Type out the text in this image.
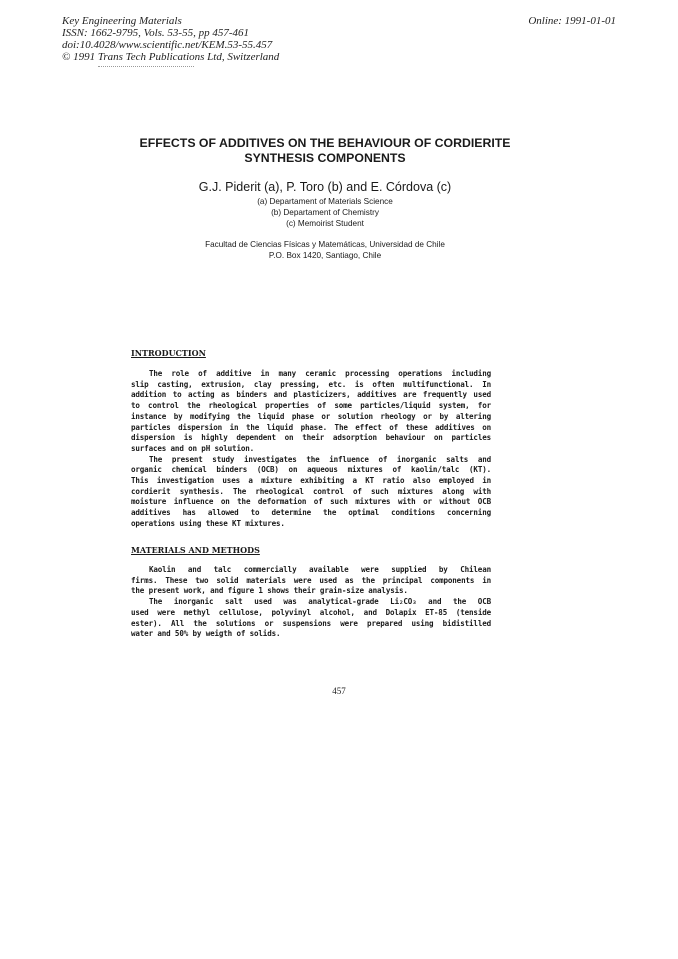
Key Engineering Materials
ISSN: 1662-9795, Vols. 53-55, pp 457-461
doi:10.4028/www.scientific.net/KEM.53-55.457
© 1991 Trans Tech Publications Ltd, Switzerland
Online: 1991-01-01
EFFECTS OF ADDITIVES ON THE BEHAVIOUR OF CORDIERITE
SYNTHESIS COMPONENTS
G.J. Piderit (a), P. Toro (b) and E. Córdova (c)
(a) Departament of Materials Science
(b) Departament of Chemistry
(c) Memoirist Student
Facultad de Ciencias Físicas y Matemáticas, Universidad de Chile
P.O. Box 1420, Santiago, Chile
INTRODUCTION
The role of additive in many ceramic processing operations including
slip casting, extrusion, clay pressing, etc. is often multifunctional. In
addition to acting as binders and plasticizers, additives are frequently used
to control the rheological properties of some particles/liquid system, for
instance by modifying the liquid phase or solution rheology or by altering
particles dispersion in the liquid phase. The effect of these additives on
dispersion is highly dependent on their adsorption behaviour on particles
surfaces and on pH solution.
The present study investigates the influence of inorganic salts and
organic chemical binders (OCB) on aqueous mixtures of kaolin/talc (KT).
This investigation uses a mixture exhibiting a KT ratio also employed in
cordierit synthesis. The rheological control of such mixtures along with
moisture influence on the deformation of such mixtures with or without OCB
additives has allowed to determine the optimal conditions concerning
operations using these KT mixtures.
MATERIALS AND METHODS
Kaolin and talc commercially available were supplied by Chilean
firms. These two solid materials were used as the principal components in
the present work, and figure 1 shows their grain-size analysis.
The inorganic salt used was analytical-grade Li₂CO₃ and the OCB
used were methyl cellulose, polyvinyl alcohol, and Dolapix ET-85 (tenside
ester). All the solutions or suspensions were prepared using bidistilled
water and 50% by weigth of solids.
457
